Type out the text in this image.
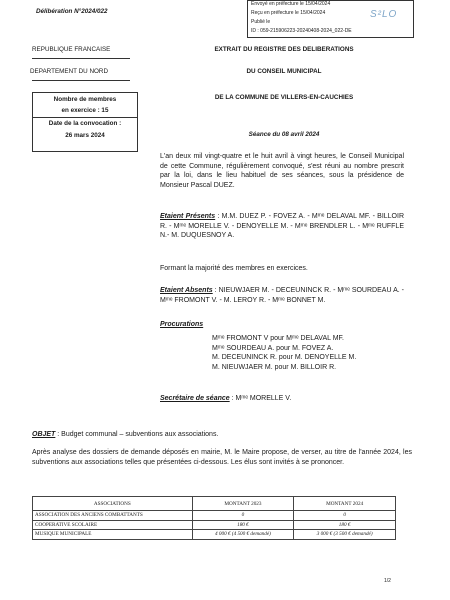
Délibération N°2024/022
Envoyé en préfecture le 15/04/2024
Reçu en préfecture le 15/04/2024
Publié le
ID : 059-215906223-20240408-2024_022-DE
S²LO
REPUBLIQUE FRANCAISE
DEPARTEMENT DU NORD
Nombre de membres
en exercice : 15
Date de la convocation :
26 mars 2024
EXTRAIT DU REGISTRE DES DELIBERATIONS
DU CONSEIL MUNICIPAL
DE LA COMMUNE DE VILLERS-EN-CAUCHIES
Séance du 08 avril 2024
L'an deux mil vingt-quatre et le huit avril à vingt heures, le Conseil Municipal de cette Commune, régulièrement convoqué, s'est réuni au nombre prescrit par la loi, dans le lieu habituel de ses séances, sous la présidence de Monsieur Pascal DUEZ.
Etaient Présents : M.M. DUEZ P. - FOVEZ A. - Mᵐᵉ DELAVAL MF. - BILLOIR R. - Mᵐᵉ MORELLE V. - DENOYELLE M. - Mᵐᵉ BRENDLER L. - Mᵐᵉ RUFFLE N.- M. DUQUESNOY A.
Formant la majorité des membres en exercices.
Etaient Absents : NIEUWJAER M. - DECEUNINCK R. - Mᵐᵉ SOURDEAU A. - Mᵐᵉ FROMONT V. - M. LEROY R. - Mᵐᵉ BONNET M.
Procurations
Mᵐᵉ FROMONT V pour Mᵐᵉ DELAVAL MF.
Mᵐᵉ SOURDEAU A. pour M. FOVEZ A.
M. DECEUNINCK R. pour M. DENOYELLE M.
M. NIEUWJAER M. pour M. BILLOIR R.
Secrétaire de séance : Mᵐᵉ MORELLE V.
OBJET : Budget communal – subventions aux associations.
Après analyse des dossiers de demande déposés en mairie, M. le Maire propose, de verser, au titre de l'année 2024, les subventions aux associations telles que présentées ci-dessous. Les élus sont invités à se prononcer.
ASSOCIATIONS	MONTANT 2023	MONTANT 2024
ASSOCIATION DES ANCIENS COMBATTANTS	0	0
COOPERATIVE SCOLAIRE	180 €	180 €
MUSIQUE MUNICIPALE	4 000 € (4 500 € demandé)	3 000 € (3 500 € demandé)
1/2
